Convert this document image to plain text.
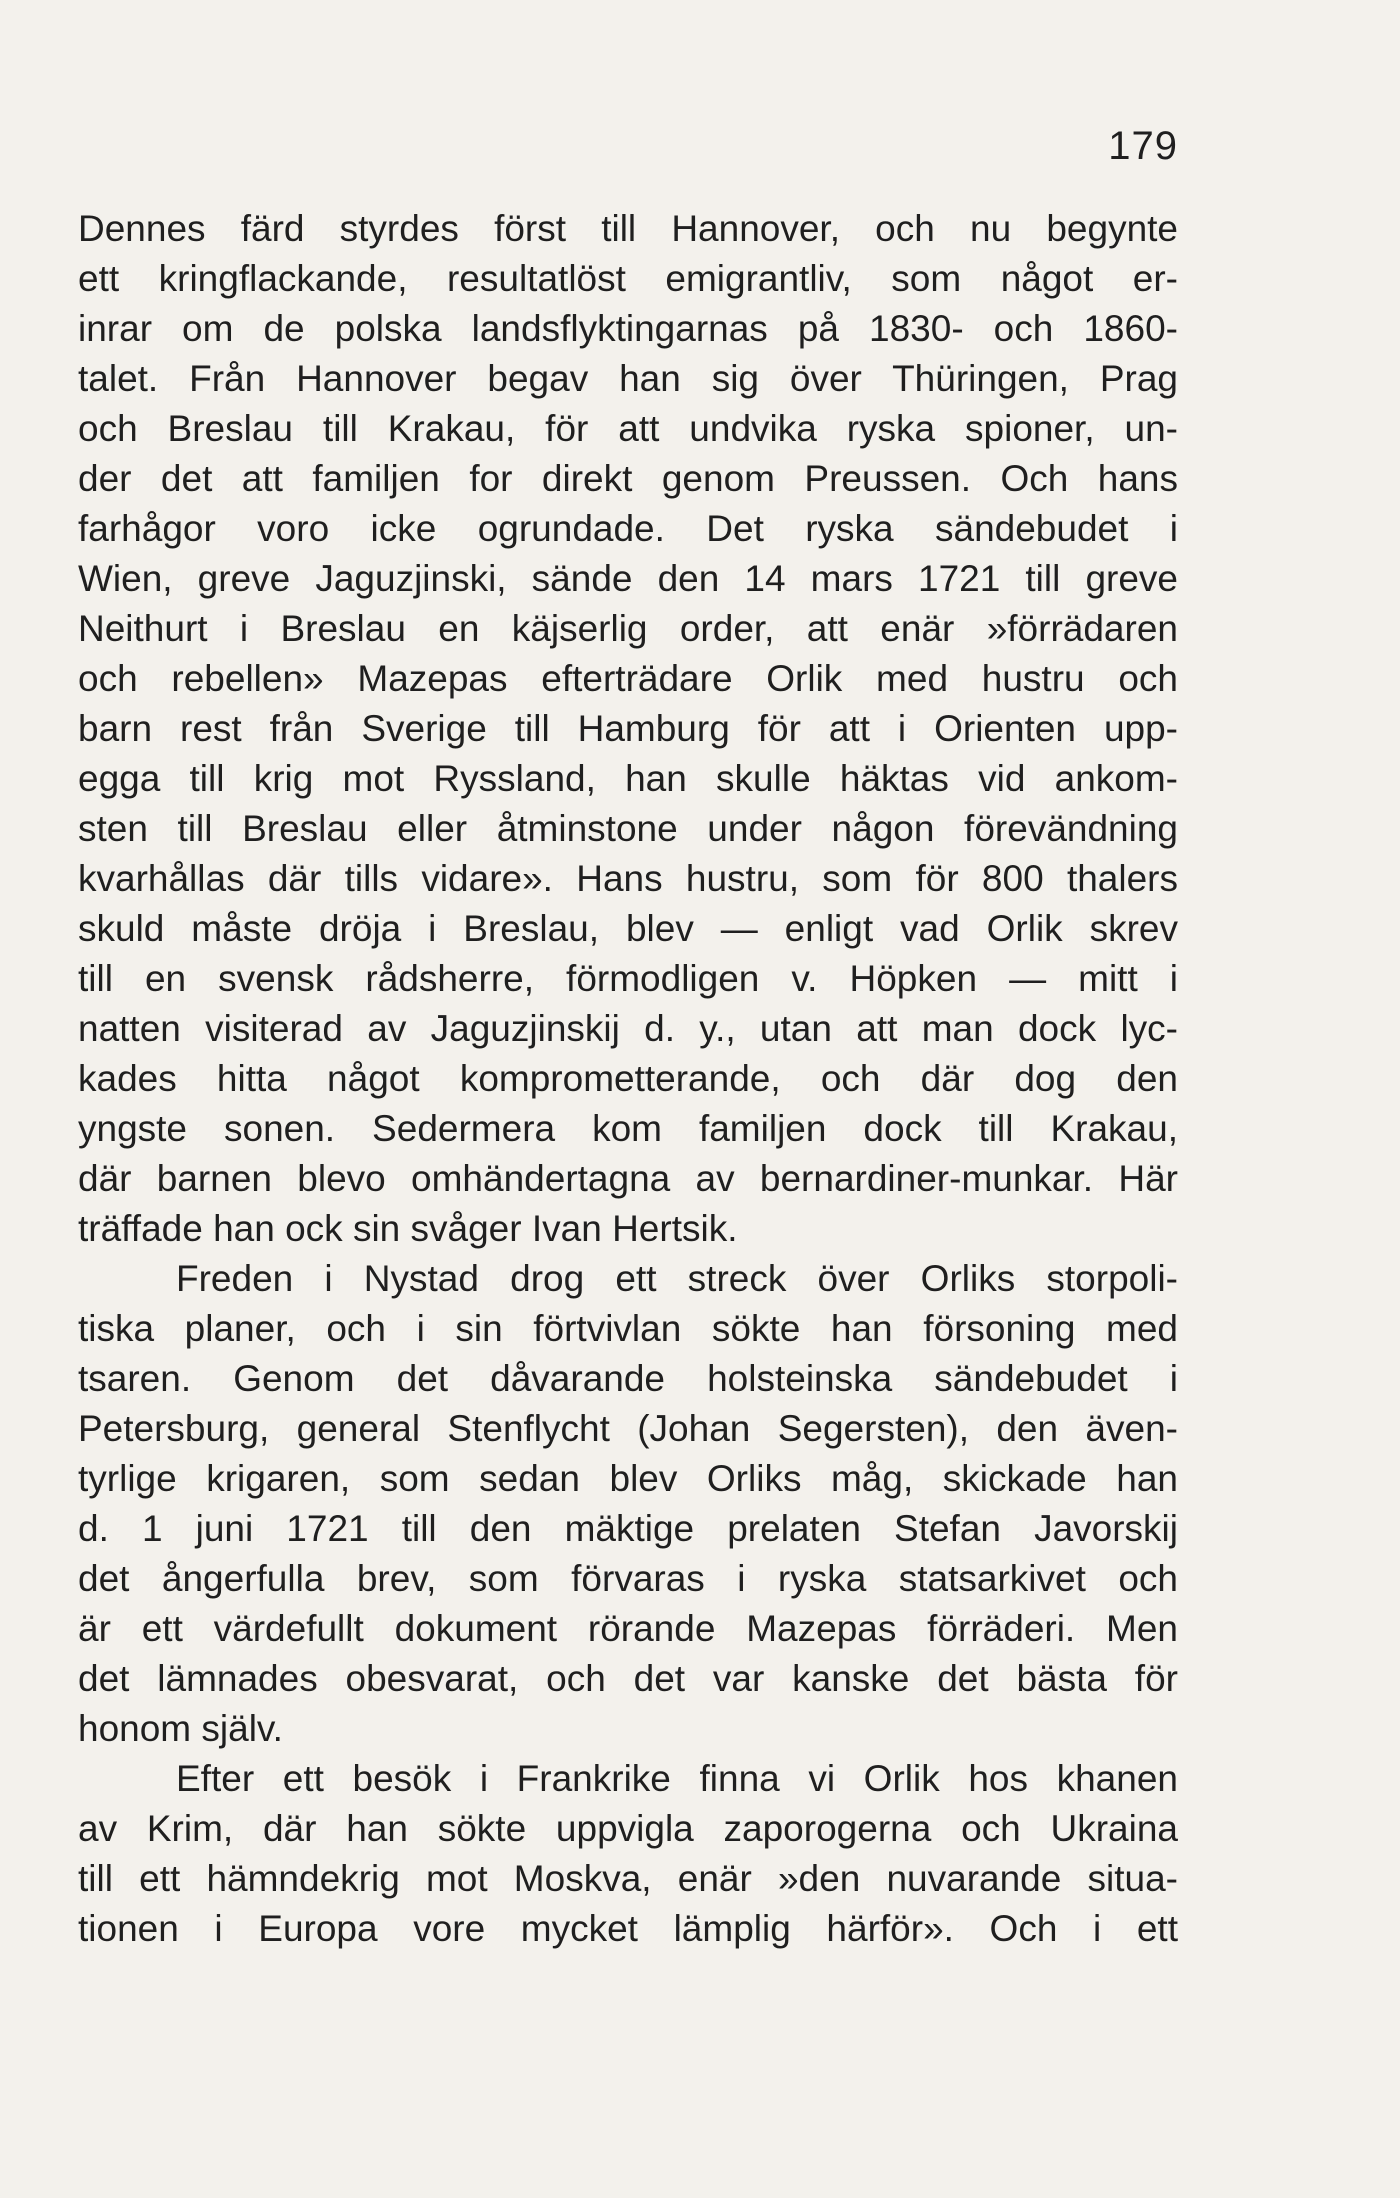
179
Dennes färd styrdes först till Hannover, och nu begynte
ett kringflackande, resultatlöst emigrantliv, som något er-
inrar om de polska landsflyktingarnas på 1830- och 1860-
talet. Från Hannover begav han sig över Thüringen, Prag
och Breslau till Krakau, för att undvika ryska spioner, un-
der det att familjen for direkt genom Preussen. Och hans
farhågor voro icke ogrundade. Det ryska sändebudet i
Wien, greve Jaguzjinski, sände den 14 mars 1721 till greve
Neithurt i Breslau en käjserlig order, att enär »förrädaren
och rebellen» Mazepas efterträdare Orlik med hustru och
barn rest från Sverige till Hamburg för att i Orienten upp-
egga till krig mot Ryssland, han skulle häktas vid ankom-
sten till Breslau eller åtminstone under någon förevändning
kvarhållas där tills vidare». Hans hustru, som för 800 thalers
skuld måste dröja i Breslau, blev — enligt vad Orlik skrev
till en svensk rådsherre, förmodligen v. Höpken — mitt i
natten visiterad av Jaguzjinskij d. y., utan att man dock lyc-
kades hitta något komprometterande, och där dog den
yngste sonen. Sedermera kom familjen dock till Krakau,
där barnen blevo omhändertagna av bernardiner-munkar. Här
träffade han ock sin svåger Ivan Hertsik.
Freden i Nystad drog ett streck över Orliks storpoli-
tiska planer, och i sin förtvivlan sökte han försoning med
tsaren. Genom det dåvarande holsteinska sändebudet i
Petersburg, general Stenflycht (Johan Segersten), den även-
tyrlige krigaren, som sedan blev Orliks måg, skickade han
d. 1 juni 1721 till den mäktige prelaten Stefan Javorskij
det ångerfulla brev, som förvaras i ryska statsarkivet och
är ett värdefullt dokument rörande Mazepas förräderi. Men
det lämnades obesvarat, och det var kanske det bästa för
honom själv.
Efter ett besök i Frankrike finna vi Orlik hos khanen
av Krim, där han sökte uppvigla zaporogerna och Ukraina
till ett hämndekrig mot Moskva, enär »den nuvarande situa-
tionen i Europa vore mycket lämplig härför». Och i ett
